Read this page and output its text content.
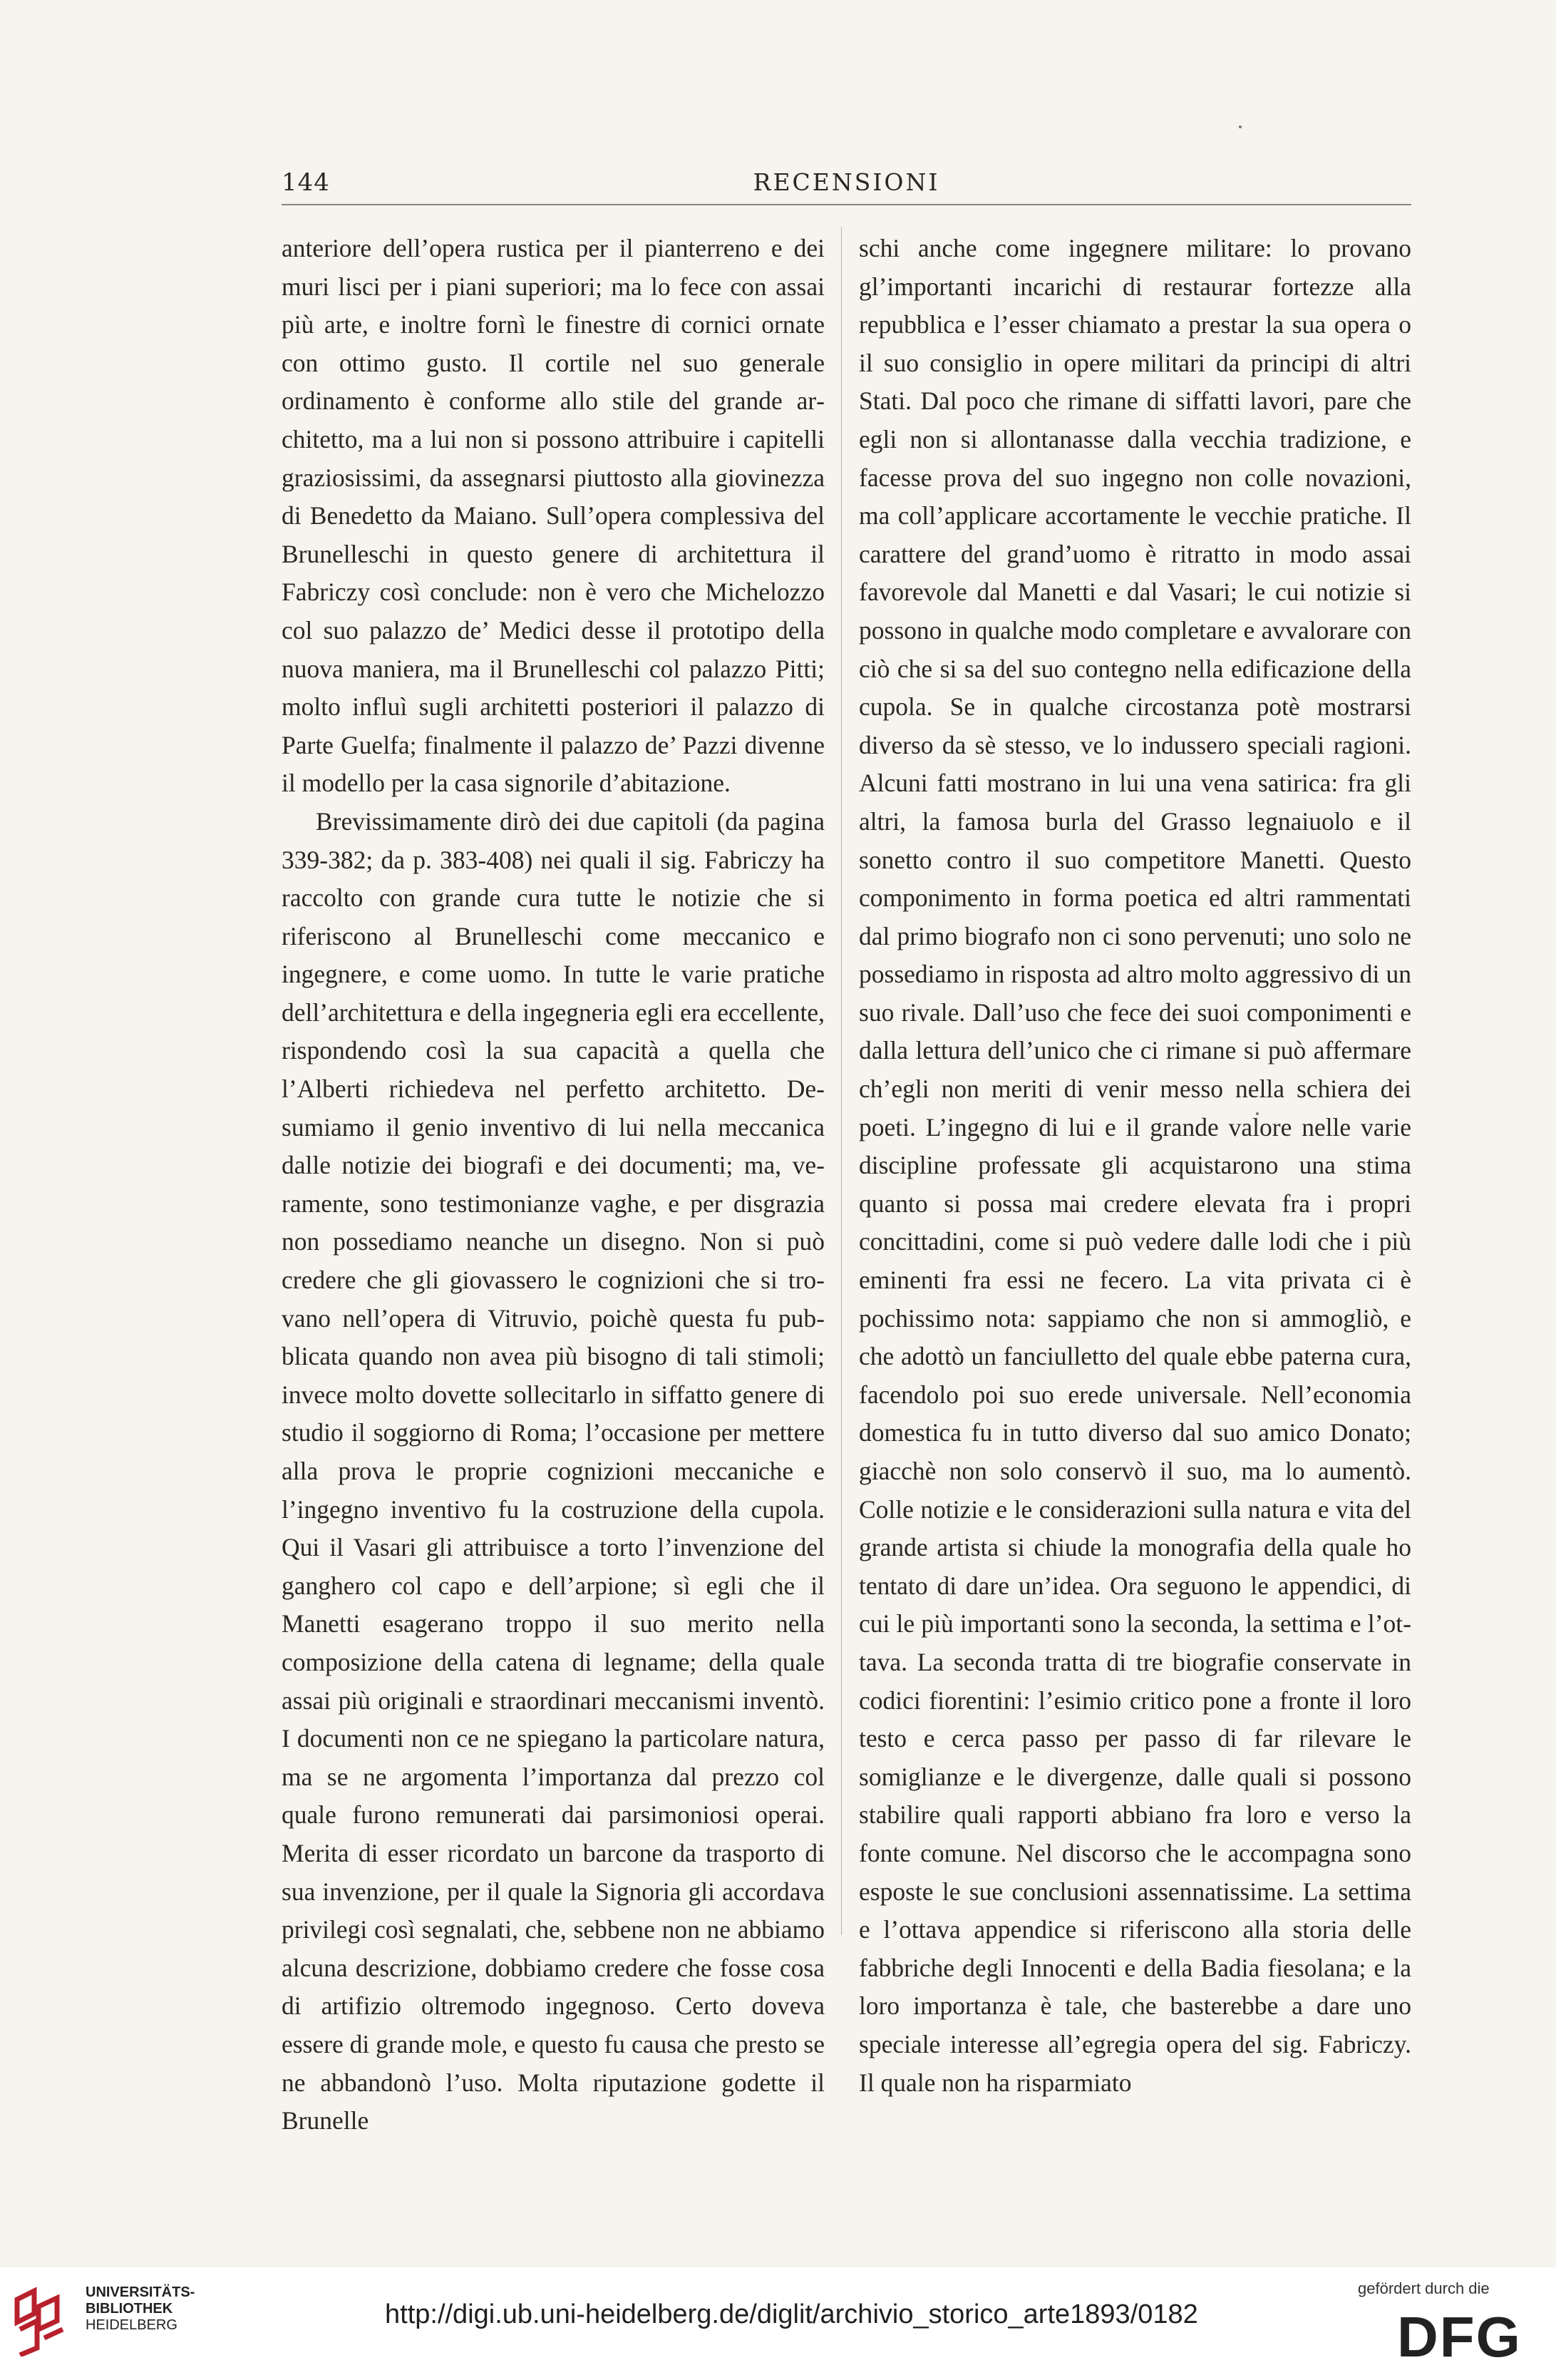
144	RECENSIONI

anteriore dell’opera rustica per il pianterreno e dei muri lisci per i piani superiori; ma lo fece con assai più arte, e inoltre fornì le finestre di cornici ornate con ottimo gusto. Il cortile nel suo generale ordinamento è conforme allo stile del grande architetto, ma a lui non si possono attribuire i capitelli graziosissimi, da assegnarsi piuttosto alla giovinezza di Benedetto da Maiano. Sull’opera complessiva del Brunelleschi in questo genere di architettura il Fabriczy così conclude: non è vero che Michelozzo col suo palazzo de’ Medici desse il prototipo della nuova maniera, ma il Brunelleschi col palazzo Pitti; molto influì sugli architetti posteriori il palazzo di Parte Guelfa; finalmente il palazzo de’ Pazzi divenne il modello per la casa signorile d’abitazione.

Brevissimamente dirò dei due capitoli (da pagina 339-382; da p. 383-408) nei quali il sig. Fabriczy ha raccolto con grande cura tutte le notizie che si riferiscono al Brunelleschi come meccanico e ingegnere, e come uomo. In tutte le varie pratiche dell’architettura e della ingegneria egli era eccellente, rispondendo così la sua capacità a quella che l’Alberti richiedeva nel perfetto architetto. Desumiamo il genio inventivo di lui nella meccanica dalle notizie dei biografi e dei documenti; ma, veramente, sono testimonianze vaghe, e per disgrazia non possediamo neanche un disegno. Non si può credere che gli giovassero le cognizioni che si trovano nell’opera di Vitruvio, poichè questa fu pubblicata quando non avea più bisogno di tali stimoli; invece molto dovette sollecitarlo in siffatto genere di studio il soggiorno di Roma; l’occasione per mettere alla prova le proprie cognizioni meccaniche e l’ingegno inventivo fu la costruzione della cupola. Qui il Vasari gli attribuisce a torto l’invenzione del ganghero col capo e dell’arpione; sì egli che il Manetti esagerano troppo il suo merito nella composizione della catena di legname; della quale assai più originali e straordinari meccanismi inventò. I documenti non ce ne spiegano la particolare natura, ma se ne argomenta l’importanza dal prezzo col quale furono remunerati dai parsimoniosi operai. Merita di esser ricordato un barcone da trasporto di sua invenzione, per il quale la Signoria gli accordava privilegi così segnalati, che, sebbene non ne abbiamo alcuna descrizione, dobbiamo credere che fosse cosa di artifizio oltremodo ingegnoso. Certo doveva essere di grande mole, e questo fu causa che presto se ne abbandonò l’uso. Molta riputazione godette il Brunelle

schi anche come ingegnere militare: lo provano gl’importanti incarichi di restaurar fortezze alla repubblica e l’esser chiamato a prestar la sua opera o il suo consiglio in opere militari da principi di altri Stati. Dal poco che rimane di siffatti lavori, pare che egli non si allontanasse dalla vecchia tradizione, e facesse prova del suo ingegno non colle novazioni, ma coll’applicare accortamente le vecchie pratiche. Il carattere del grand’uomo è ritratto in modo assai favorevole dal Manetti e dal Vasari; le cui notizie si possono in qualche modo completare e avvalorare con ciò che si sa del suo contegno nella edificazione della cupola. Se in qualche circostanza potè mostrarsi diverso da sè stesso, ve lo indussero speciali ragioni. Alcuni fatti mostrano in lui una vena satirica: fra gli altri, la famosa burla del Grasso legnaiuolo e il sonetto contro il suo competitore Manetti. Questo componimento in forma poetica ed altri rammentati dal primo biografo non ci sono pervenuti; uno solo ne possediamo in risposta ad altro molto aggressivo di un suo rivale. Dall’uso che fece dei suoi componimenti e dalla lettura dell’unico che ci rimane si può affermare ch’egli non meriti di venir messo nella schiera dei poeti. L’ingegno di lui e il grande valore nelle varie discipline professate gli acquistarono una stima quanto si possa mai credere elevata fra i propri concittadini, come si può vedere dalle lodi che i più eminenti fra essi ne fecero. La vita privata ci è pochissimo nota: sappiamo che non si ammogliò, e che adottò un fanciulletto del quale ebbe paterna cura, facendolo poi suo erede universale. Nell’economia domestica fu in tutto diverso dal suo amico Donato; giacchè non solo conservò il suo, ma lo aumentò. Colle notizie e le considerazioni sulla natura e vita del grande artista si chiude la monografia della quale ho tentato di dare un’idea. Ora seguono le appendici, di cui le più importanti sono la seconda, la settima e l’ottava. La seconda tratta di tre biografie conservate in codici fiorentini: l’esimio critico pone a fronte il loro testo e cerca passo per passo di far rilevare le somiglianze e le divergenze, dalle quali si possono stabilire quali rapporti abbiano fra loro e verso la fonte comune. Nel discorso che le accompagna sono esposte le sue conclusioni assennatissime. La settima e l’ottava appendice si riferiscono alla storia delle fabbriche degli Innocenti e della Badia fiesolana; e la loro importanza è tale, che basterebbe a dare uno speciale interesse all’egregia opera del sig. Fabriczy. Il quale non ha risparmiato

UNIVERSITÄTS-
BIBLIOTHEK
HEIDELBERG	http://digi.ub.uni-heidelberg.de/diglit/archivio_storico_arte1893/0182
gefördert durch die
DFG
